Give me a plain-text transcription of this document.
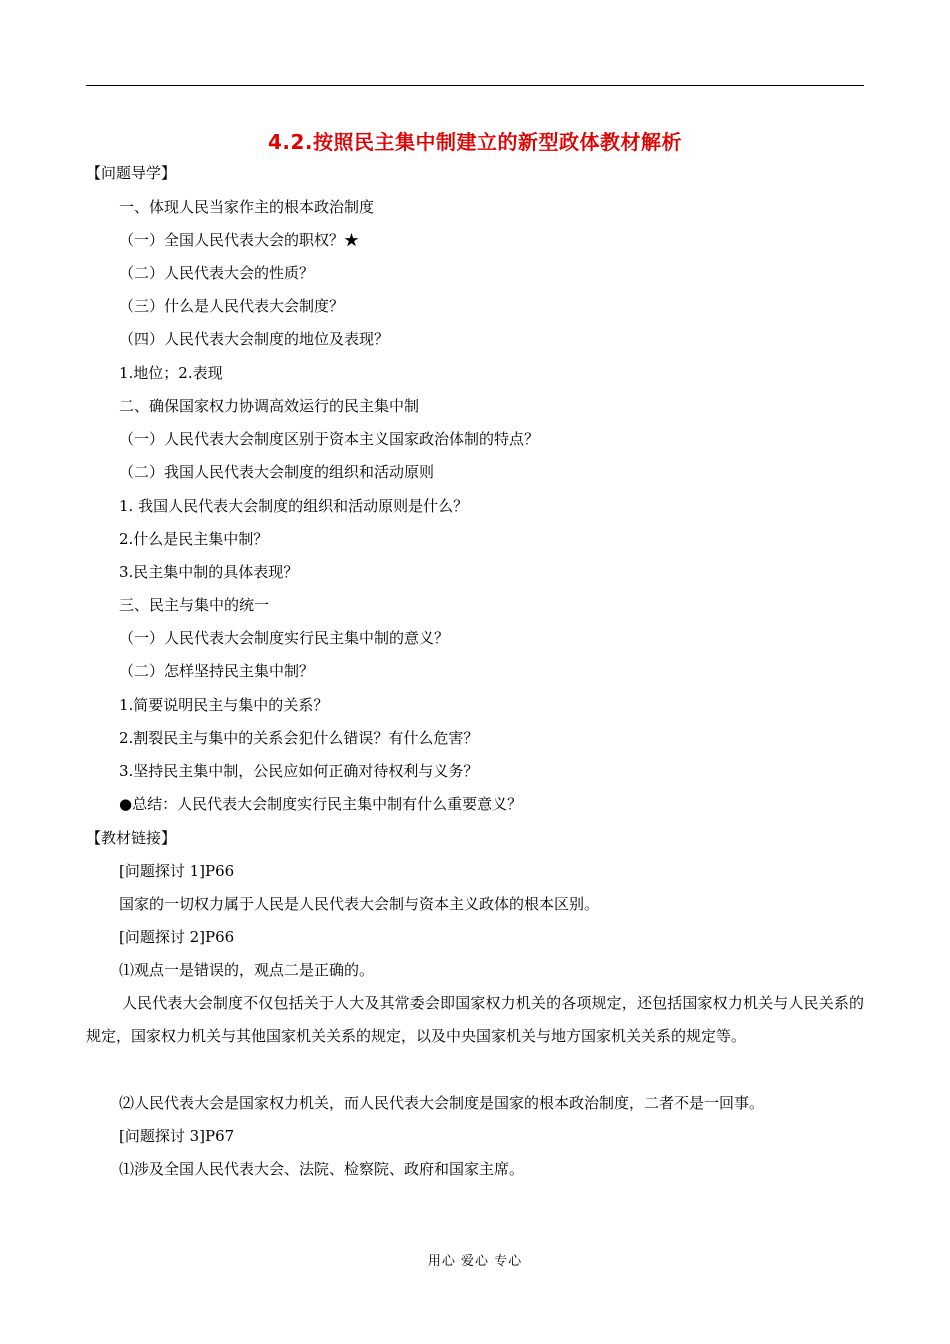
4.2.按照民主集中制建立的新型政体教材解析
【问题导学】
一、体现人民当家作主的根本政治制度
（一）全国人民代表大会的职权？★
（二）人民代表大会的性质？
（三）什么是人民代表大会制度？
（四）人民代表大会制度的地位及表现？
1.地位；2.表现
二、确保国家权力协调高效运行的民主集中制
（一）人民代表大会制度区别于资本主义国家政治体制的特点？
（二）我国人民代表大会制度的组织和活动原则
1. 我国人民代表大会制度的组织和活动原则是什么？
2.什么是民主集中制？
3.民主集中制的具体表现？
三、民主与集中的统一
（一）人民代表大会制度实行民主集中制的意义？
（二）怎样坚持民主集中制？
1.简要说明民主与集中的关系？
2.割裂民主与集中的关系会犯什么错误？有什么危害？
3.坚持民主集中制，公民应如何正确对待权利与义务？
●总结：人民代表大会制度实行民主集中制有什么重要意义？
【教材链接】
[问题探讨 1]P66
国家的一切权力属于人民是人民代表大会制与资本主义政体的根本区别。
[问题探讨 2]P66
⑴观点一是错误的，观点二是正确的。
人民代表大会制度不仅包括关于人大及其常委会即国家权力机关的各项规定，还包括国家权力机关与人民关系的规定，国家权力机关与其他国家机关关系的规定，以及中央国家机关与地方国家机关关系的规定等。
⑵人民代表大会是国家权力机关，而人民代表大会制度是国家的根本政治制度，二者不是一回事。
[问题探讨 3]P67
⑴涉及全国人民代表大会、法院、检察院、政府和国家主席。
用心 爱心 专心
